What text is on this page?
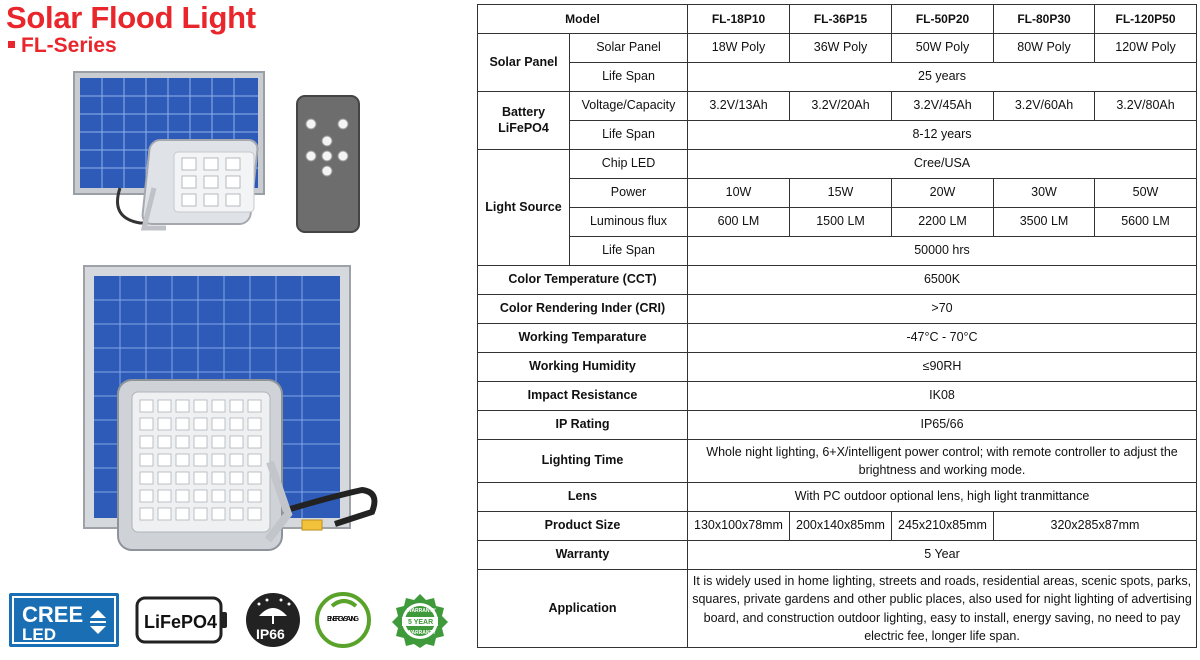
Solar Flood Light
FL-Series
CREE
LED
LiFePO4
IP66
ENERGY SAVING
WARRANTY
5 YEAR
WARRANTY
Model		FL-18P10	FL-36P15	FL-50P20	FL-80P30	FL-120P50
Solar Panel	Solar Panel	18W Poly	36W Poly	50W Poly	80W Poly	120W Poly
	Life Span	25 years				
Battery
LiFePO4	Voltage/Capacity	3.2V/13Ah	3.2V/20Ah	3.2V/45Ah	3.2V/60Ah	3.2V/80Ah
	Life Span	8-12 years				
Light Source	Chip LED	Cree/USA				
	Power	10W	15W	20W	30W	50W
	Luminous flux	600 LM	1500 LM	2200 LM	3500 LM	5600 LM
	Life Span	50000 hrs				
Color Temperature (CCT)		6500K				
Color Rendering Inder (CRI)		>70				
Working Temparature		-47°C - 70°C				
Working Humidity		≤90RH				
Impact Resistance		IK08				
IP Rating		IP65/66				
Lighting Time		Whole night lighting, 6+X/intelligent power control; with remote controller to adjust the brightness and working mode.				
Lens		With PC outdoor optional lens, high light tranmittance				
Product Size		130x100x78mm	200x140x85mm	245x210x85mm	320x285x87mm	
Warranty		5 Year				
Application		It is widely used in home lighting, streets and roads, residential areas, scenic spots, parks, squares, private gardens and other public places, also used for night lighting of advertising board, and construction outdoor lighting, easy to install, energy saving, no need to pay electric fee, longer life span.				
